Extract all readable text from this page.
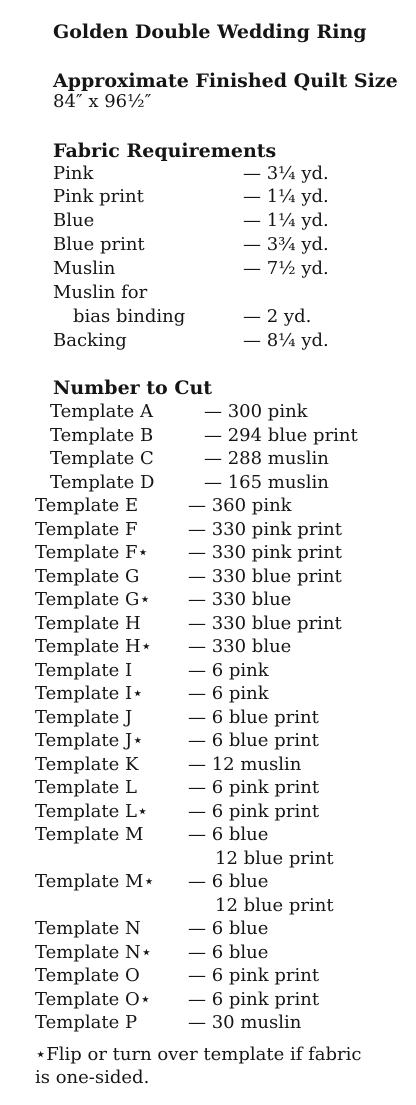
Golden Double Wedding Ring
Approximate Finished Quilt Size
84″ x 96½″
Fabric Requirements
Pink	— 3¼ yd.
Pink print	— 1¼ yd.
Blue	— 1¼ yd.
Blue print	— 3¾ yd.
Muslin	— 7½ yd.
Muslin for
bias binding	— 2 yd.
Backing	— 8¼ yd.
Number to Cut
Template A	— 300 pink
Template B	— 294 blue print
Template C	— 288 muslin
Template D	— 165 muslin
Template E	— 360 pink
Template F	— 330 pink print
Template F⋆ — 330 pink print
Template G	— 330 blue print
Template G⋆ — 330 blue
Template H	— 330 blue print
Template H⋆ — 330 blue
Template I	— 6 pink
Template I⋆ — 6 pink
Template J	— 6 blue print
Template J⋆ — 6 blue print
Template K	— 12 muslin
Template L	— 6 pink print
Template L⋆ — 6 pink print
Template M — 6 blue
12 blue print
Template M⋆ — 6 blue
12 blue print
Template N	— 6 blue
Template N⋆ — 6 blue
Template O	— 6 pink print
Template O⋆ — 6 pink print
Template P	— 30 muslin
⋆Flip or turn over template if fabric
is one-sided.
